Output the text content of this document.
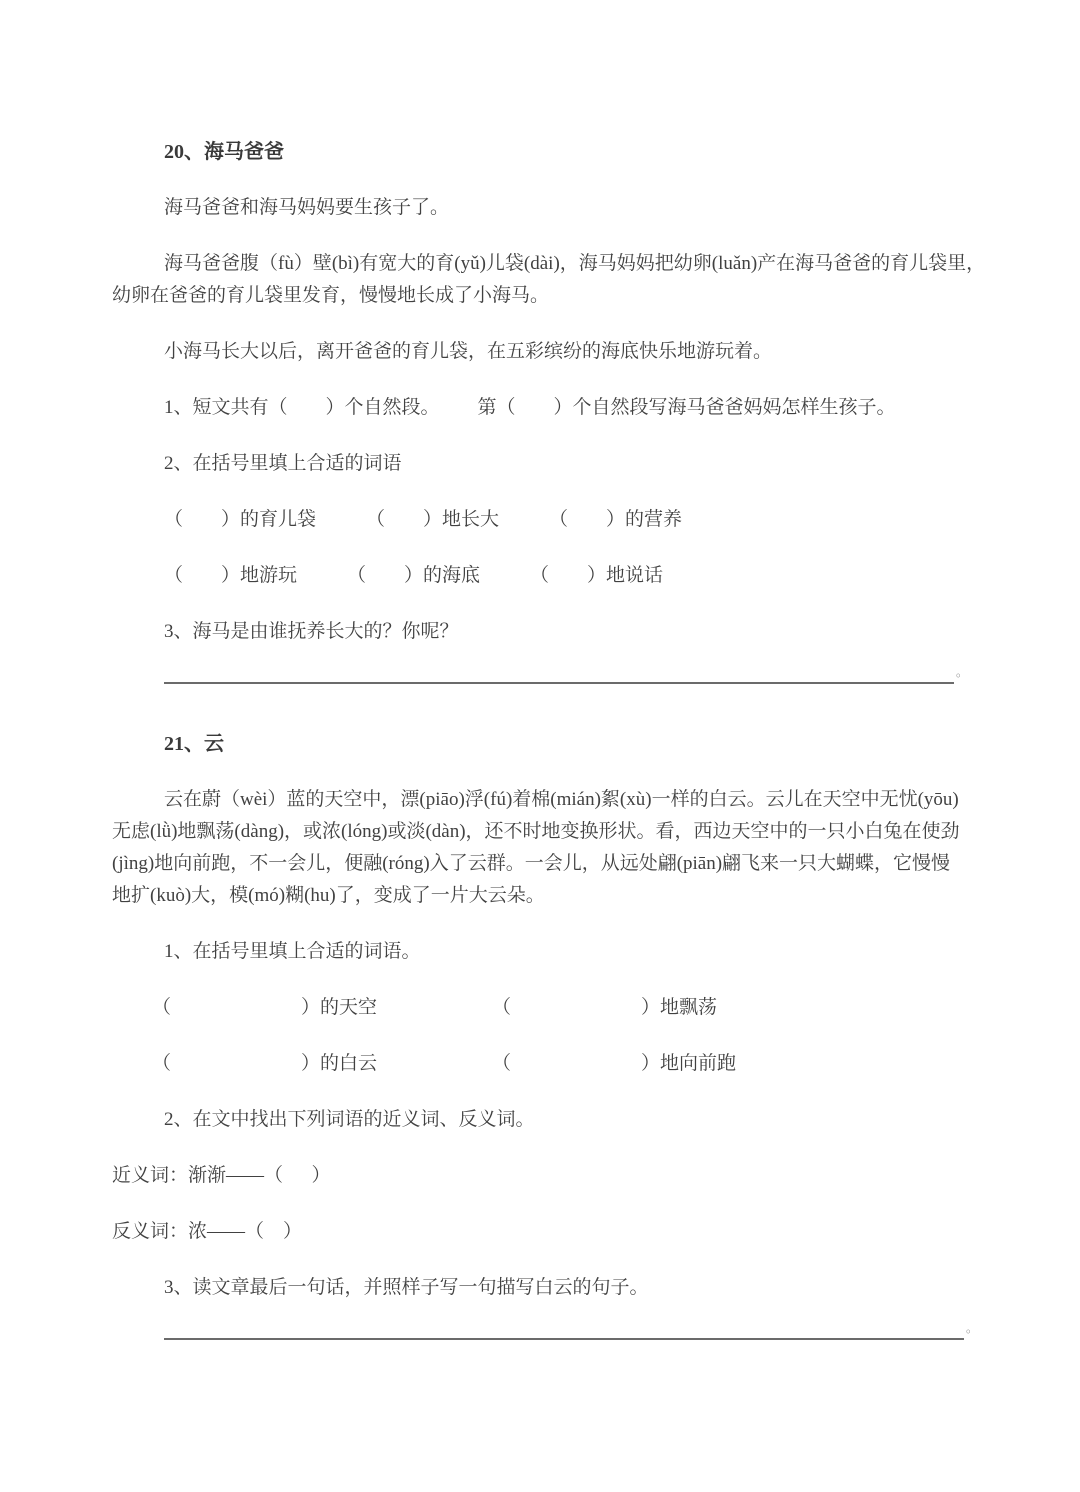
20、海马爸爸

海马爸爸和海马妈妈要生孩子了。

海马爸爸腹（fù）壁(bì)有宽大的育(yǔ)儿袋(dài)，海马妈妈把幼卵(luǎn)产在海马爸爸的育儿袋里，
幼卵在爸爸的育儿袋里发育，慢慢地长成了小海马。

小海马长大以后，离开爸爸的育儿袋，在五彩缤纷的海底快乐地游玩着。

1、短文共有（        ）个自然段。        第（        ）个自然段写海马爸爸妈妈怎样生孩子。

2、在括号里填上合适的词语

（        ）的育儿袋	（        ）地长大	（        ）的营养
（        ）地游玩	（        ）的海底	（        ）地说话

3、海马是由谁抚养长大的？你呢？

。
21、云

云在蔚（wèi）蓝的天空中，漂(piāo)浮(fú)着棉(mián)絮(xù)一样的白云。云儿在天空中无忧(yōu)
无虑(lǜ)地飘荡(dàng)，或浓(lóng)或淡(dàn)，还不时地变换形状。看，西边天空中的一只小白兔在使劲
(jìng)地向前跑，不一会儿，便融(róng)入了云群。一会儿，从远处翩(piān)翩飞来一只大蝴蝶，它慢慢
地扩(kuò)大，模(mó)糊(hu)了，变成了一片大云朵。

1、在括号里填上合适的词语。

（	）的天空	（	）地飘荡
（	）的白云	（	）地向前跑

2、在文中找出下列词语的近义词、反义词。

近义词：渐渐——（      ）

反义词：浓——（    ）

3、读文章最后一句话，并照样子写一句描写白云的句子。

。
